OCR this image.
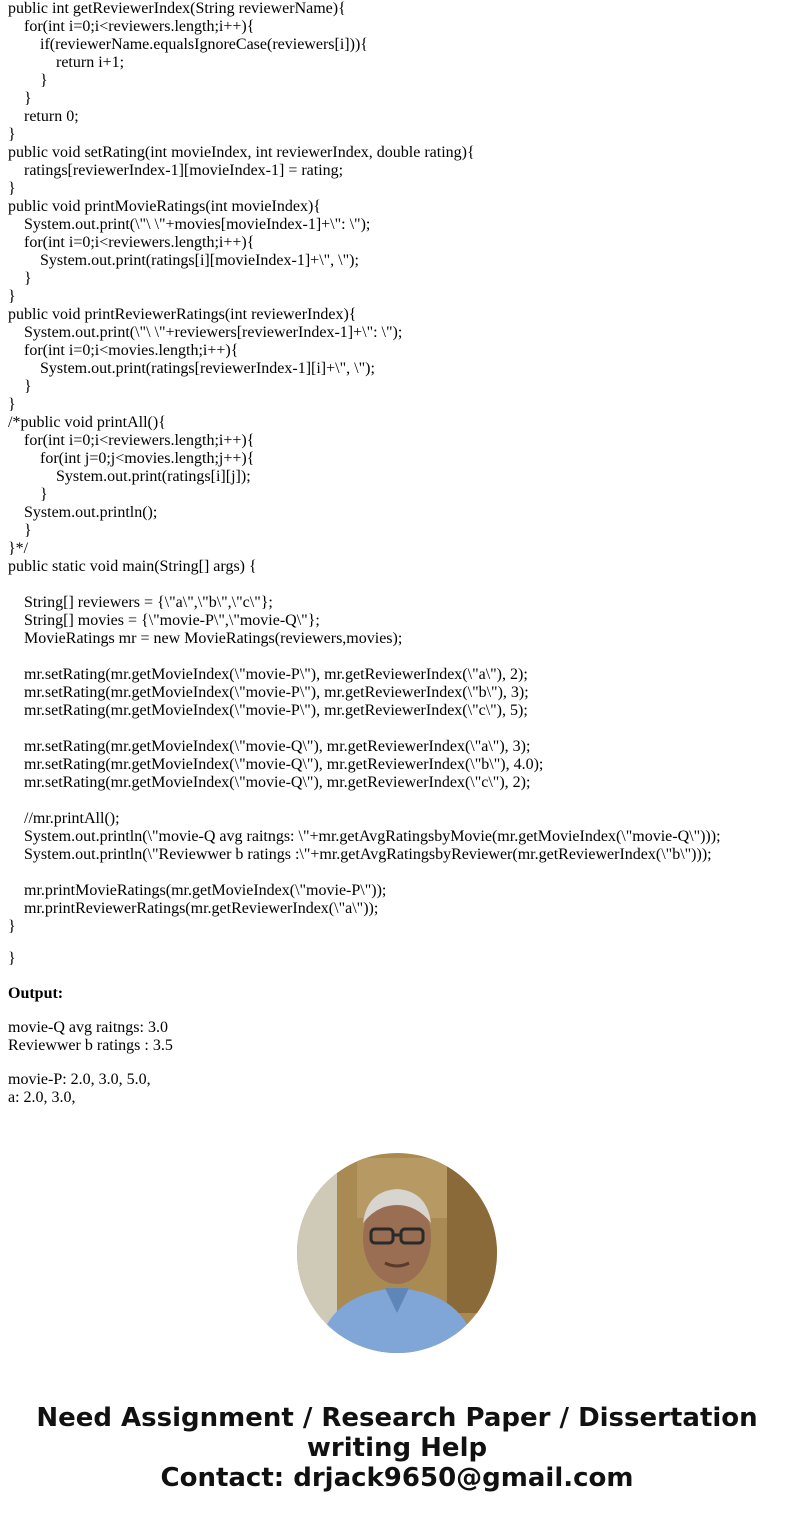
public int getReviewerIndex(String reviewerName){
for(int i=0;i<reviewers.length;i++){
if(reviewerName.equalsIgnoreCase(reviewers[i])){
return i+1;
}
}
return 0;
}
public void setRating(int movieIndex, int reviewerIndex, double rating){
ratings[reviewerIndex-1][movieIndex-1] = rating;
}
public void printMovieRatings(int movieIndex){
System.out.print(\"\ \"+movies[movieIndex-1]+\": \");
for(int i=0;i<reviewers.length;i++){
System.out.print(ratings[i][movieIndex-1]+\", \");
}
}
public void printReviewerRatings(int reviewerIndex){
System.out.print(\"\ \"+reviewers[reviewerIndex-1]+\": \");
for(int i=0;i<movies.length;i++){
System.out.print(ratings[reviewerIndex-1][i]+\", \");
}
}
/*public void printAll(){
for(int i=0;i<reviewers.length;i++){
for(int j=0;j<movies.length;j++){
System.out.print(ratings[i][j]);
}
System.out.println();
}
}*/
public static void main(String[] args) {
String[] reviewers = {\"a\",\"b\",\"c\"};
String[] movies = {\"movie-P\",\"movie-Q\"};
MovieRatings mr = new MovieRatings(reviewers,movies);
mr.setRating(mr.getMovieIndex(\"movie-P\"), mr.getReviewerIndex(\"a\"), 2);
mr.setRating(mr.getMovieIndex(\"movie-P\"), mr.getReviewerIndex(\"b\"), 3);
mr.setRating(mr.getMovieIndex(\"movie-P\"), mr.getReviewerIndex(\"c\"), 5);
mr.setRating(mr.getMovieIndex(\"movie-Q\"), mr.getReviewerIndex(\"a\"), 3);
mr.setRating(mr.getMovieIndex(\"movie-Q\"), mr.getReviewerIndex(\"b\"), 4.0);
mr.setRating(mr.getMovieIndex(\"movie-Q\"), mr.getReviewerIndex(\"c\"), 2);
//mr.printAll();
System.out.println(\"movie-Q avg raitngs: \"+mr.getAvgRatingsbyMovie(mr.getMovieIndex(\"movie-Q\")));
System.out.println(\"Reviewwer b ratings :\"+mr.getAvgRatingsbyReviewer(mr.getReviewerIndex(\"b\")));
mr.printMovieRatings(mr.getMovieIndex(\"movie-P\"));
mr.printReviewerRatings(mr.getReviewerIndex(\"a\"));
}
}
Output:
movie-Q avg raitngs: 3.0
Reviewwer b ratings : 3.5
movie-P: 2.0, 3.0, 5.0,
a: 2.0, 3.0,
Need Assignment / Research Paper / Dissertation
writing Help
Contact: drjack9650@gmail.com
